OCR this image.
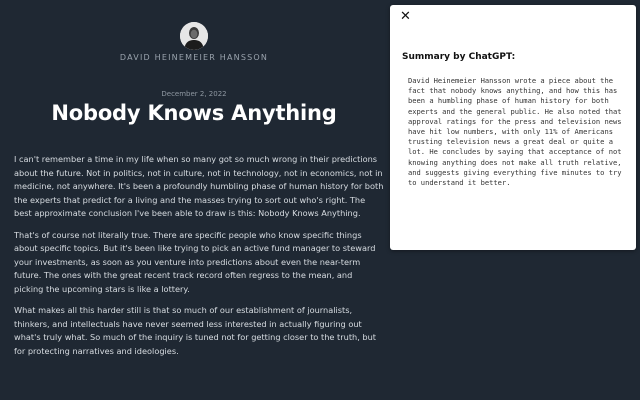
DAVID HEINEMEIER HANSSON
December 2, 2022
Nobody Knows Anything

I can't remember a time in my life when so many got so much wrong in their predictions about the future. Not in politics, not in culture, not in technology, not in economics, not in medicine, not anywhere. It's been a profoundly humbling phase of human history for both the experts that predict for a living and the masses trying to sort out who's right. The best approximate conclusion I've been able to draw is this: Nobody Knows Anything.

That's of course not literally true. There are specific people who know specific things about specific topics. But it's been like trying to pick an active fund manager to steward your investments, as soon as you venture into predictions about even the near-term future. The ones with the great recent track record often regress to the mean, and picking the upcoming stars is like a lottery.

What makes all this harder still is that so much of our establishment of journalists, thinkers, and intellectuals have never seemed less interested in actually figuring out what's truly what. So much of the inquiry is tuned not for getting closer to the truth, but for protecting narratives and ideologies.

✕
Summary by ChatGPT:
David Heinemeier Hansson wrote a piece about the fact that nobody knows anything, and how this has been a humbling phase of human history for both experts and the general public. He also noted that approval ratings for the press and television news have hit low numbers, with only 11% of Americans trusting television news a great deal or quite a lot. He concludes by saying that acceptance of not knowing anything does not make all truth relative, and suggests giving everything five minutes to try to understand it better.
